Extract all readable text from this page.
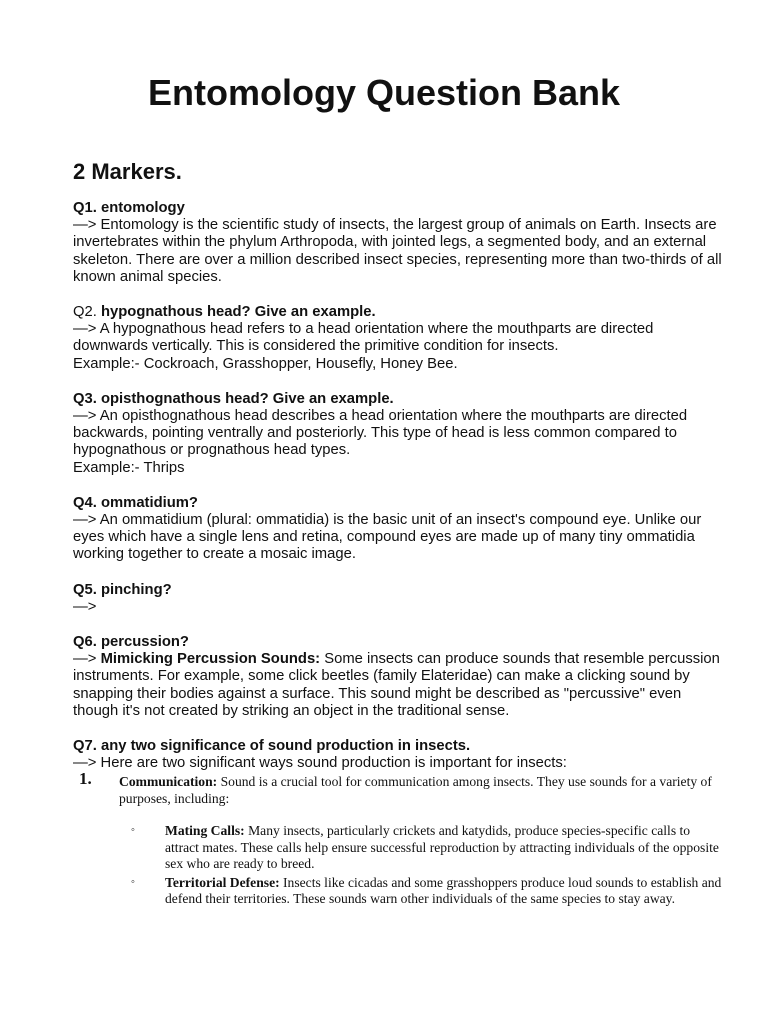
Entomology Question Bank
2 Markers.

Q1. entomology

—> Entomology is the scientific study of insects, the largest group of animals on Earth. Insects are invertebrates within the phylum Arthropoda, with jointed legs, a segmented body, and an external skeleton. There are over a million described insect species, representing more than two-thirds of all known animal species.

Q2. hypognathous head? Give an example.

—> A hypognathous head refers to a head orientation where the mouthparts are directed downwards vertically. This is considered the primitive condition for insects.

Example:- Cockroach, Grasshopper, Housefly, Honey Bee.

Q3. opisthognathous head? Give an example.

—> An opisthognathous head describes a head orientation where the mouthparts are directed backwards, pointing ventrally and posteriorly. This type of head is less common compared to hypognathous or prognathous head types.

Example:- Thrips

Q4. ommatidium?

—> An ommatidium (plural: ommatidia) is the basic unit of an insect's compound eye. Unlike our eyes which have a single lens and retina, compound eyes are made up of many tiny ommatidia working together to create a mosaic image.

Q5. pinching?

—>

Q6. percussion?

—> Mimicking Percussion Sounds: Some insects can produce sounds that resemble percussion instruments. For example, some click beetles (family Elateridae) can make a clicking sound by snapping their bodies against a surface. This sound might be described as "percussive" even though it's not created by striking an object in the traditional sense.

Q7. any two significance of sound production in insects.

—> Here are two significant ways sound production is important for insects:

1. Communication: Sound is a crucial tool for communication among insects. They use sounds for a variety of purposes, including:
◦ Mating Calls: Many insects, particularly crickets and katydids, produce species-specific calls to attract mates. These calls help ensure successful reproduction by attracting individuals of the opposite sex who are ready to breed.
◦ Territorial Defense: Insects like cicadas and some grasshoppers produce loud sounds to establish and defend their territories. These sounds warn other individuals of the same species to stay away.
